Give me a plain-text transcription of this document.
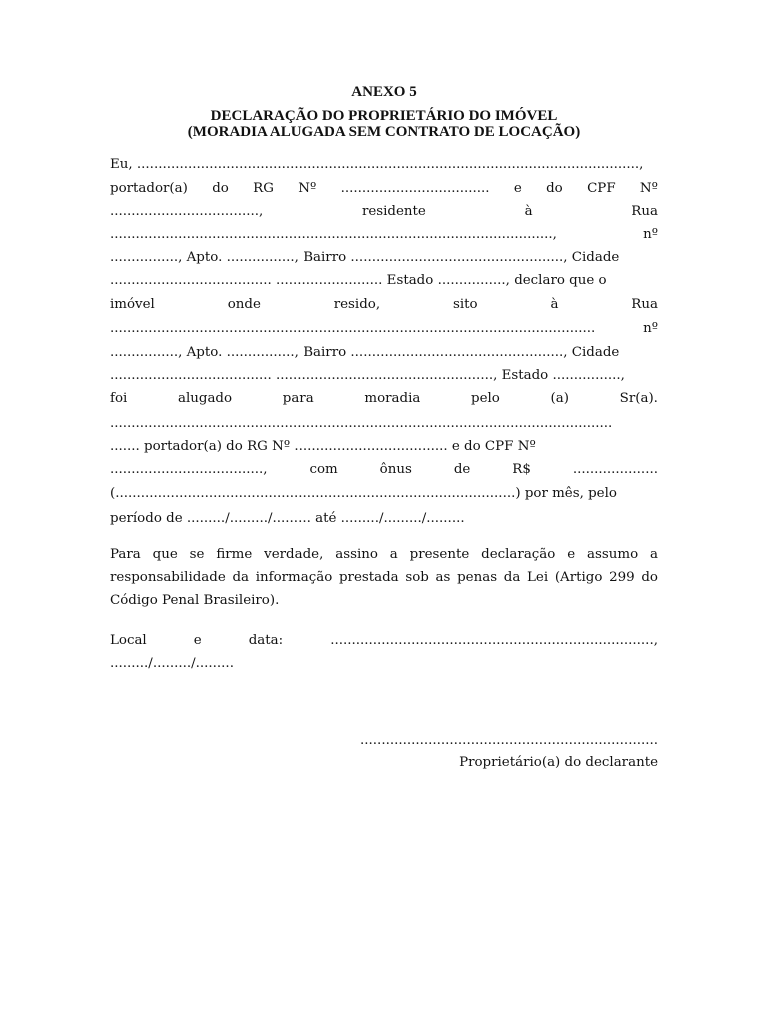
ANEXO 5
DECLARAÇÃO DO PROPRIETÁRIO DO IMÓVEL
(MORADIA ALUGADA SEM CONTRATO DE LOCAÇÃO)
Eu, ......................................................................................................................,
portador(a) do RG Nº ................................... e do CPF Nº
...................................,	residente	à	Rua
........................................................................................................,	nº
................, Apto. ................, Bairro .................................................., Cidade
...................................... ......................... Estado ................, declaro que o
imóvel	onde	resido,	sito	à	Rua
..................................................................................................................	nº
................, Apto. ................, Bairro .................................................., Cidade
...................................... ..................................................., Estado ................,
foi	alugado	para	moradia	pelo	(a)	Sr(a).
......................................................................................................................
....... portador(a) do RG Nº .................................... e do CPF Nº
....................................,	com	ônus	de	R$	....................
(..............................................................................................) por mês, pelo
período de ........./........./......... até ........./........./.........
Para que se firme verdade, assino a presente declaração e assumo a responsabilidade da informação prestada sob as penas da Lei (Artigo 299 do Código Penal Brasileiro).
Local	e	data:	............................................................................,
........./........./.........
......................................................................
Proprietário(a) do declarante
